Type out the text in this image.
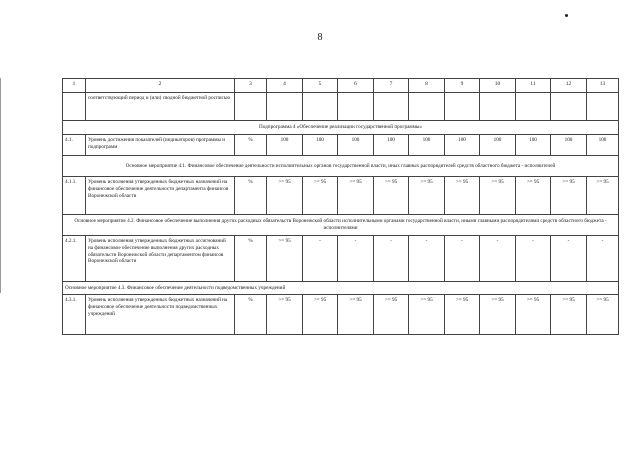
8
1	2	3	4	5	6	7	8	9	10	11	12	13
	соответствующий период и (или) сводной бюджетной росписью											
Подпрограмма 4 «Обеспечение реализации государственной программы»												
4.1.	Уровень достижения показателей (индикаторов) программы и подпрограмм	%	100	100	100	100	100	100	100	100	100	100
Основное мероприятие 4.1. Финансовое обеспечение деятельности исполнительных органов государственной власти, иных главных распорядителей средств областного бюджета - исполнителей												
4.1.1.	Уровень исполнения утвержденных бюджетных назначений на финансовое обеспечение деятельности департамента финансов Воронежской области	%	>= 95	>= 95	>= 95	>= 95	>= 95	>= 95	>= 95	>= 95	>= 95	>= 95
Основное мероприятие 4.2. Финансовое обеспечение выполнения других расходных обязательств Воронежской области исполнительными органами государственной власти, иными главными распорядителями средств областного бюджета - исполнителями												
4.2.1.	Уровень исполнения утвержденных бюджетных ассигнований на финансовое обеспечение выполнения других расходных обязательств Воронежской области департаментом финансов Воронежской области	%	>= 95	-	-	-	-	-	-	-	-	-
Основное мероприятие 4.3. Финансовое обеспечение деятельности подведомственных учреждений												
4.3.1.	Уровень исполнения утвержденных бюджетных назначений на финансовое обеспечение деятельности подведомственных учреждений	%	>= 95	>= 95	>= 95	>= 95	>= 95	>= 95	>= 95	>= 95	>= 95	>= 95
